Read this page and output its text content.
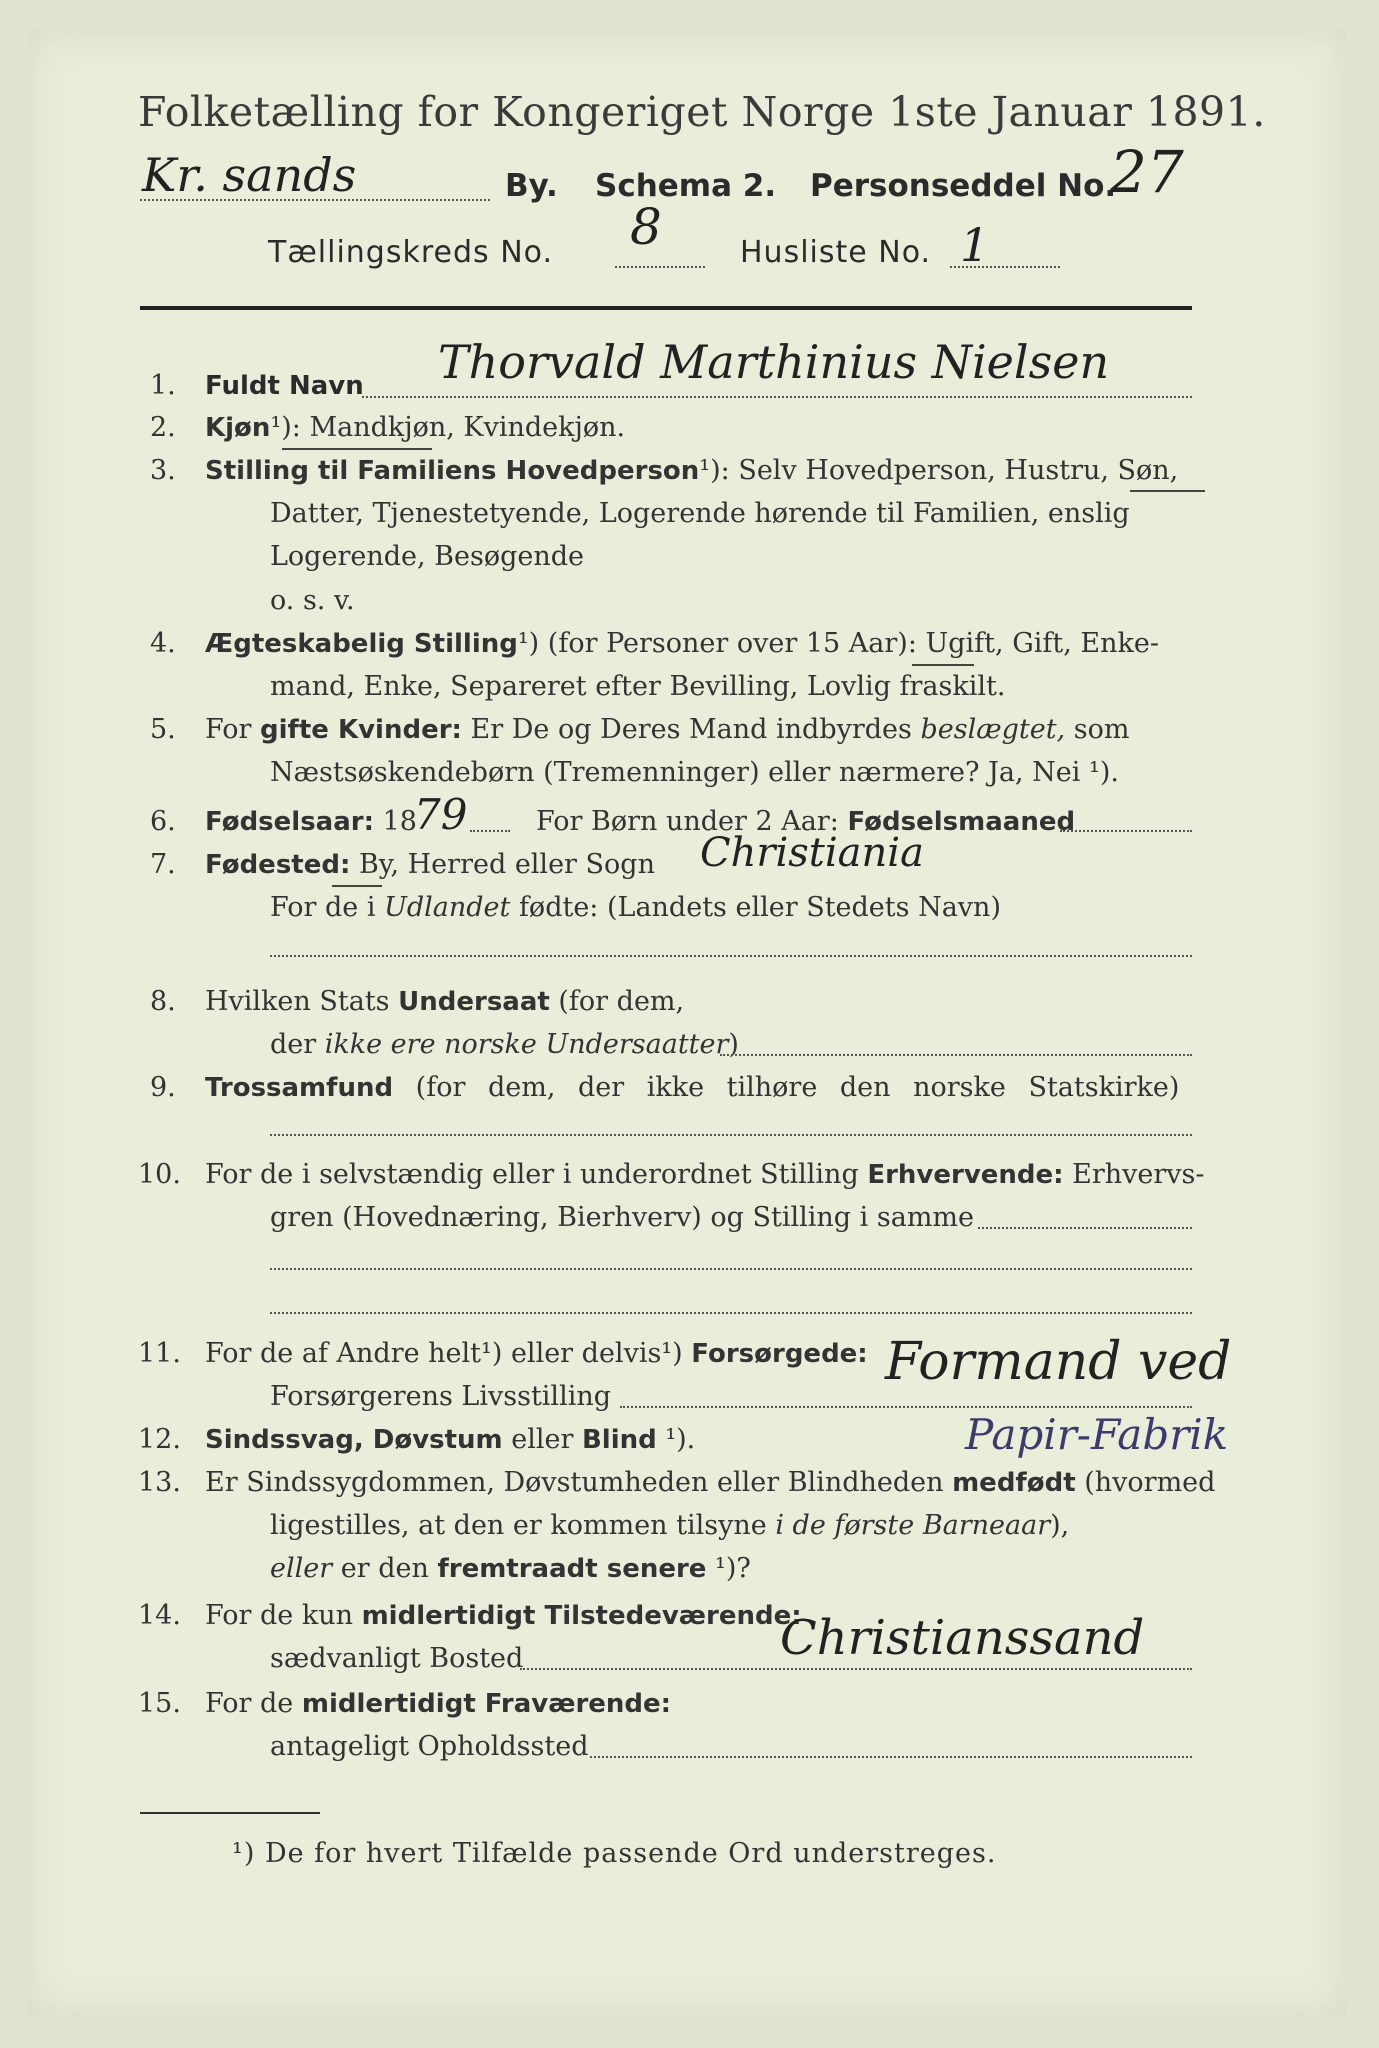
Folketælling for Kongeriget Norge 1ste Januar 1891.
Kr. sands	By. Schema 2. Personseddel No.
27
Tællingskreds No. 8	Husliste No. 1
1. Fuldt Navn Thorvald Marthinius Nielsen
2. Kjøn¹): Mandkjøn, Kvindekjøn.
3. Stilling til Familiens Hovedperson¹): Selv Hovedperson, Hustru, Søn,
Datter, Tjenestetyende, Logerende hørende til Familien, enslig
Logerende, Besøgende
o. s. v.
4. Ægteskabelig Stilling¹) (for Personer over 15 Aar): Ugift, Gift, Enke-
mand, Enke, Separeret efter Bevilling, Lovlig fraskilt.
5. For gifte Kvinder: Er De og Deres Mand indbyrdes beslægtet, som
Næstsøskendebørn (Tremenninger) eller nærmere? Ja, Nei ¹).
6. Fødselsaar: 18
79	For Børn under 2 Aar: Fødselsmaaned
7. Fødested: By, Herred eller Sogn Christiania
For de i Udlandet fødte: (Landets eller Stedets Navn)
8. Hvilken Stats Undersaat (for dem,
der ikke ere norske Undersaatter)
9. Trossamfund (for dem, der ikke tilhøre den norske Statskirke)
10. For de i selvstændig eller i underordnet Stilling Erhvervende: Erhvervs-
gren (Hovednæring, Bierhverv) og Stilling i samme
11. For de af Andre helt¹) eller delvis¹) Forsørgede:
Forsørgerens Livsstilling
Formand ved
12. Sindssvag, Døvstum eller Blind ¹).	Papir-Fabrik
13. Er Sindssygdommen, Døvstumheden eller Blindheden medfødt (hvormed
ligestilles, at den er kommen tilsyne i de første Barneaar),
eller er den fremtraadt senere ¹)?
14. For de kun midlertidigt Tilstedeværende:
sædvanligt Bosted	Christianssand
15. For de midlertidigt Fraværende:
antageligt Opholdssted
¹) De for hvert Tilfælde passende Ord understreges.
